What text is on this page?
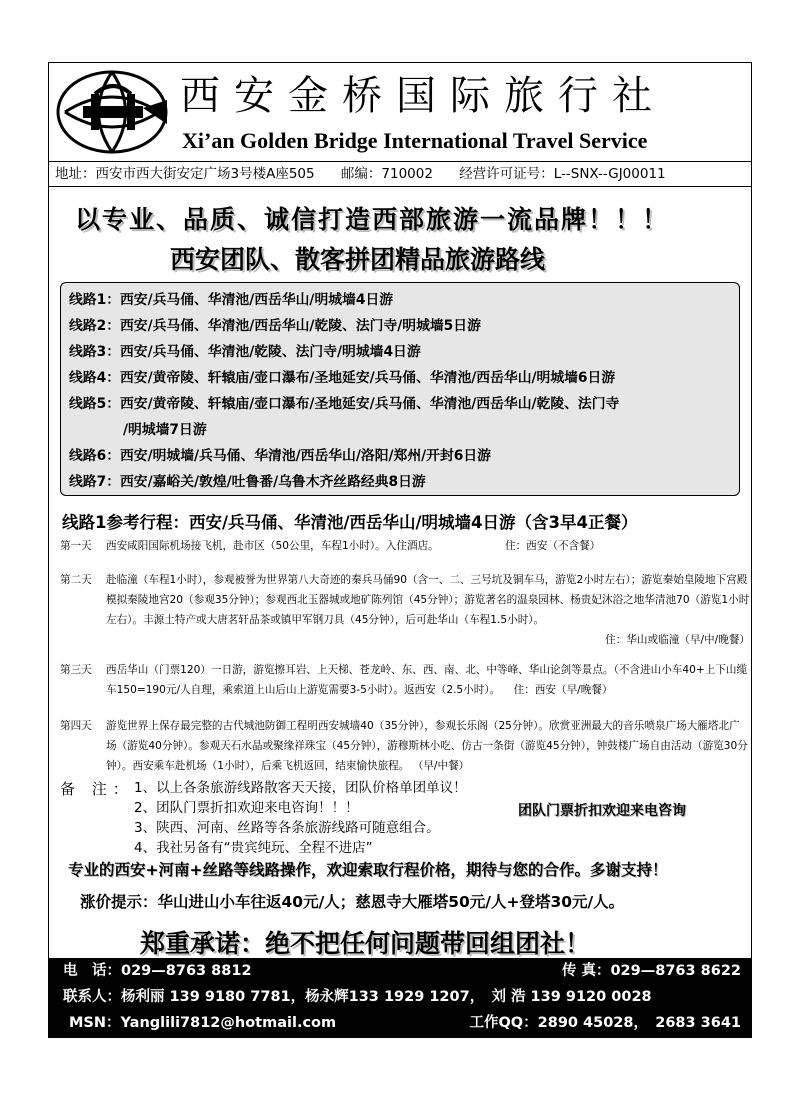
西安金桥国际旅行社
Xi’an Golden Bridge International Travel Service
地址：西安市西大街安定广场3号楼A座505 邮编：710002 经营许可证号：L--SNX--GJ00011
以专业、品质、诚信打造西部旅游一流品牌！！！
西安团队、散客拼团精品旅游路线
线路1：西安/兵马俑、华清池/西岳华山/明城墙4日游
线路2：西安/兵马俑、华清池/西岳华山/乾陵、法门寺/明城墙5日游
线路3：西安/兵马俑、华清池/乾陵、法门寺/明城墙4日游
线路4：西安/黄帝陵、轩辕庙/壶口瀑布/圣地延安/兵马俑、华清池/西岳华山/明城墙6日游
线路5：西安/黄帝陵、轩辕庙/壶口瀑布/圣地延安/兵马俑、华清池/西岳华山/乾陵、法门寺
/明城墙7日游
线路6：西安/明城墙/兵马俑、华清池/西岳华山/洛阳/郑州/开封6日游
线路7：西安/嘉峪关/敦煌/吐鲁番/乌鲁木齐丝路经典8日游
线路1参考行程：西安/兵马俑、华清池/西岳华山/明城墙4日游（含3早4正餐）
第一天 西安咸阳国际机场接飞机，赴市区（50公里，车程1小时）。入住酒店。	住：西安（不含餐）
第二天 赴临潼（车程1小时），参观被誉为世界第八大奇迹的秦兵马俑90（含一、二、三号坑及铜车马，游览2小时左右）；游览秦始皇陵地下宫殿模拟秦陵地宫20（参观35分钟）；参观西北玉器城或地矿陈列馆（45分钟）；游览著名的温泉园林、杨贵妃沐浴之地华清池70（游览1小时左右）。丰源土特产或大唐茗轩品茶或镇甲军钢刀具（45分钟），后可赴华山（车程1.5小时）。
住：华山或临潼（早/中/晚餐）
第三天 西岳华山（门票120）一日游，游览擦耳岩、上天梯、苍龙岭、东、西、南、北、中等峰、华山论剑等景点。（不含进山小车40+上下山缆车150=190元/人自理，乘索道上山后山上游览需要3-5小时）。返西安（2.5小时）。 住：西安（早/晚餐）
第四天 游览世界上保存最完整的古代城池防御工程明西安城墙40（35分钟），参观长乐阁（25分钟）。欣赏亚洲最大的音乐喷泉广场大雁塔北广场（游览40分钟）。参观天石水晶或聚缘祥珠宝（45分钟），游穆斯林小吃、仿古一条街（游览45分钟），钟鼓楼广场自由活动（游览30分钟）。西安乘车赴机场（1小时），后乘飞机返回，结束愉快旅程。 （早/中餐）
备 注： 1、以上各条旅游线路散客天天接，团队价格单团单议！
2、团队门票折扣欢迎来电咨询！！！
3、陕西、河南、丝路等各条旅游线路可随意组合。
4、我社另备有“贵宾纯玩、全程不进店”
团队门票折扣欢迎来电咨询
专业的西安+河南+丝路等线路操作，欢迎索取行程价格，期待与您的合作。多谢支持！
涨价提示：华山进山小车往返40元/人；慈恩寺大雁塔50元/人+登塔30元/人。
郑重承诺：绝不把任何问题带回组团社！
电　话：029—8763 8812	传 真：029—8763 8622
联系人：杨利丽 139 9180 7781，杨永辉133 1929 1207，　刘 浩 139 9120 0028
MSN：Yanglili7812@hotmail.com	工作QQ：2890 45028，　2683 3641
